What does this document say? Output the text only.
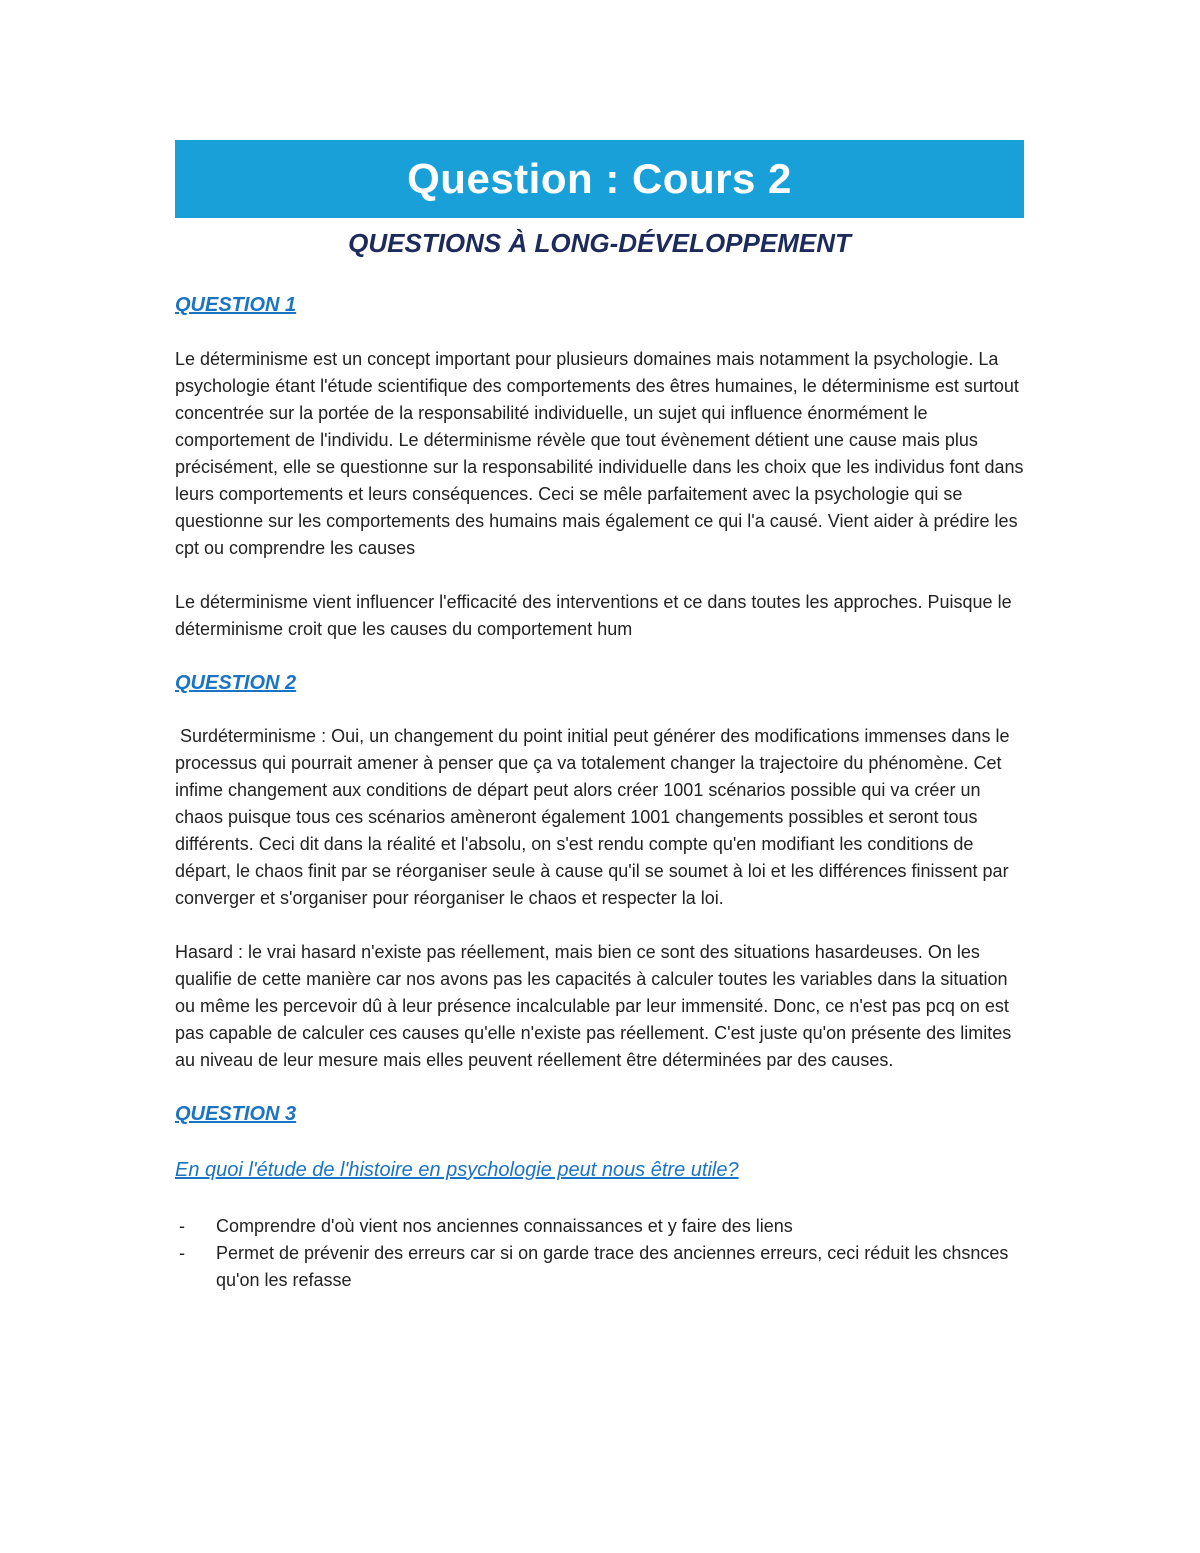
Question : Cours 2
QUESTIONS À LONG-DÉVELOPPEMENT
QUESTION 1

Le déterminisme est un concept important pour plusieurs domaines mais notamment la psychologie. La psychologie étant l'étude scientifique des comportements des êtres humaines, le déterminisme est surtout concentrée sur la portée de la responsabilité individuelle, un sujet qui influence énormément le comportement de l'individu. Le déterminisme révèle que tout évènement détient une cause mais plus précisément, elle se questionne sur la responsabilité individuelle dans les choix que les individus font dans leurs comportements et leurs conséquences. Ceci se mêle parfaitement avec la psychologie qui se questionne sur les comportements des humains mais également ce qui l'a causé. Vient aider à prédire les cpt ou comprendre les causes

Le déterminisme vient influencer l'efficacité des interventions et ce dans toutes les approches. Puisque le déterminisme croit que les causes du comportement hum

QUESTION 2

Surdéterminisme : Oui, un changement du point initial peut générer des modifications immenses dans le processus qui pourrait amener à penser que ça va totalement changer la trajectoire du phénomène. Cet infime changement aux conditions de départ peut alors créer 1001 scénarios possible qui va créer un chaos puisque tous ces scénarios amèneront également 1001 changements possibles et seront tous différents. Ceci dit dans la réalité et l'absolu, on s'est rendu compte qu'en modifiant les conditions de départ, le chaos finit par se réorganiser seule à cause qu'il se soumet à loi et les différences finissent par converger et s'organiser pour réorganiser le chaos et respecter la loi.

Hasard : le vrai hasard n'existe pas réellement, mais bien ce sont des situations hasardeuses. On les qualifie de cette manière car nos avons pas les capacités à calculer toutes les variables dans la situation ou même les percevoir dû à leur présence incalculable par leur immensité. Donc, ce n'est pas pcq on est pas capable de calculer ces causes qu'elle n'existe pas réellement. C'est juste qu'on présente des limites au niveau de leur mesure mais elles peuvent réellement être déterminées par des causes.

QUESTION 3
En quoi l'étude de l'histoire en psychologie peut nous être utile?
- Comprendre d'où vient nos anciennes connaissances et y faire des liens
- Permet de prévenir des erreurs car si on garde trace des anciennes erreurs, ceci réduit les chsnces qu'on les refasse
